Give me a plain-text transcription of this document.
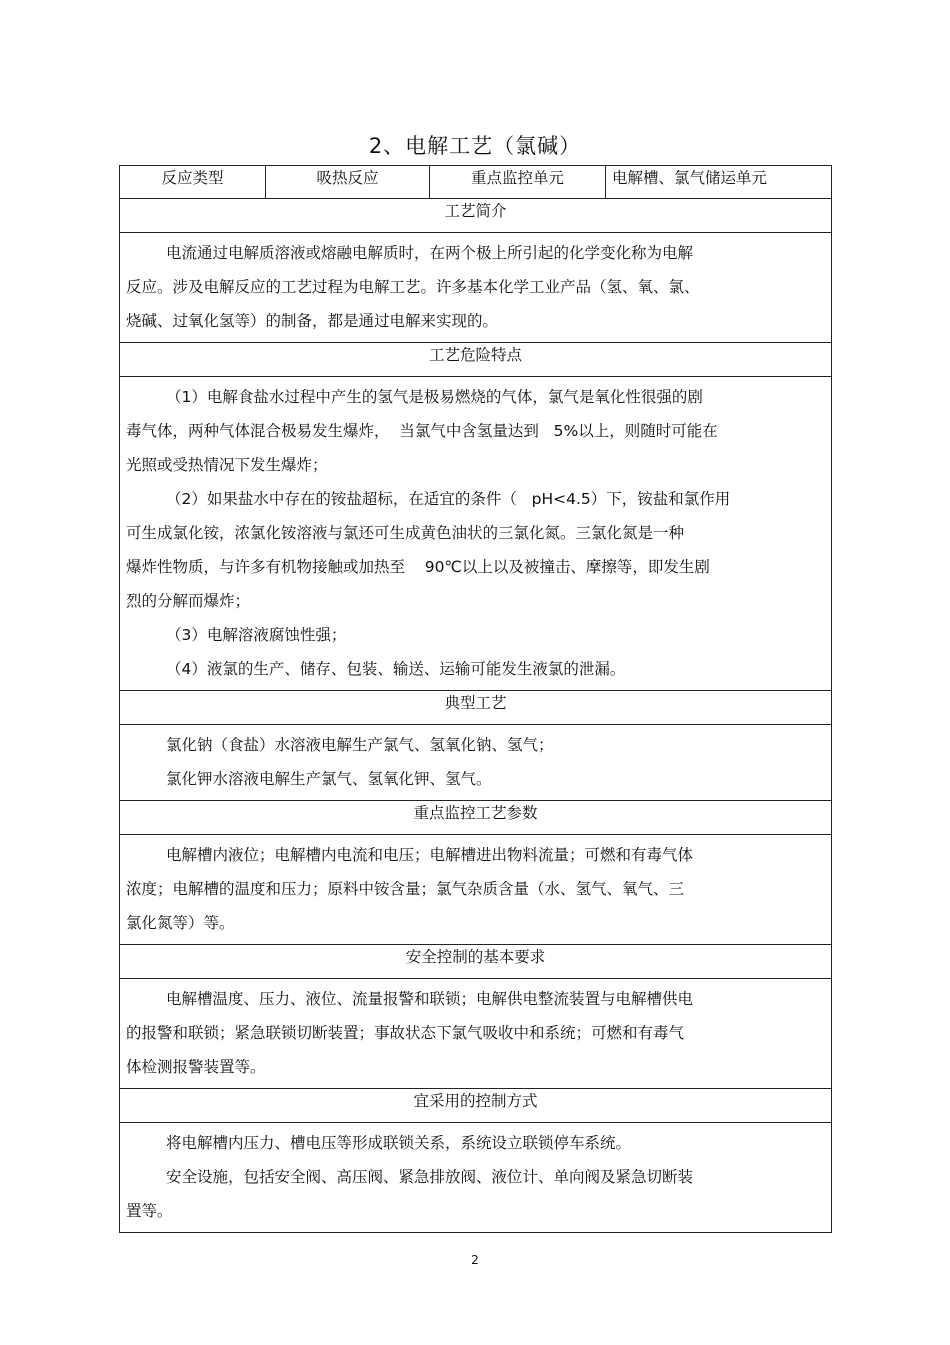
2、电解工艺（氯碱）
反应类型	吸热反应	重点监控单元	电解槽、氯气储运单元
工艺简介

电流通过电解质溶液或熔融电解质时，在两个极上所引起的化学变化称为电解

反应。涉及电解反应的工艺过程为电解工艺。许多基本化学工业产品（氢、氧、氯、

烧碱、过氧化氢等）的制备，都是通过电解来实现的。

工艺危险特点

（1）电解食盐水过程中产生的氢气是极易燃烧的气体，氯气是氧化性很强的剧

毒气体，两种气体混合极易发生爆炸，  当氯气中含氢量达到   5%以上，则随时可能在

光照或受热情况下发生爆炸；

（2）如果盐水中存在的铵盐超标，在适宜的条件（   pH<4.5）下，铵盐和氯作用

可生成氯化铵，浓氯化铵溶液与氯还可生成黄色油状的三氯化氮。三氯化氮是一种

爆炸性物质，与许多有机物接触或加热至    90℃以上以及被撞击、摩擦等，即发生剧

烈的分解而爆炸；

（3）电解溶液腐蚀性强；

（4）液氯的生产、储存、包装、输送、运输可能发生液氯的泄漏。

典型工艺

氯化钠（食盐）水溶液电解生产氯气、氢氧化钠、氢气；

氯化钾水溶液电解生产氯气、氢氧化钾、氢气。

重点监控工艺参数

电解槽内液位；电解槽内电流和电压；电解槽进出物料流量；可燃和有毒气体

浓度；电解槽的温度和压力；原料中铵含量；氯气杂质含量（水、氢气、氧气、三

氯化氮等）等。

安全控制的基本要求

电解槽温度、压力、液位、流量报警和联锁；电解供电整流装置与电解槽供电

的报警和联锁；紧急联锁切断装置；事故状态下氯气吸收中和系统；可燃和有毒气

体检测报警装置等。

宜采用的控制方式

将电解槽内压力、槽电压等形成联锁关系，系统设立联锁停车系统。

安全设施，包括安全阀、高压阀、紧急排放阀、液位计、单向阀及紧急切断装

置等。

2
